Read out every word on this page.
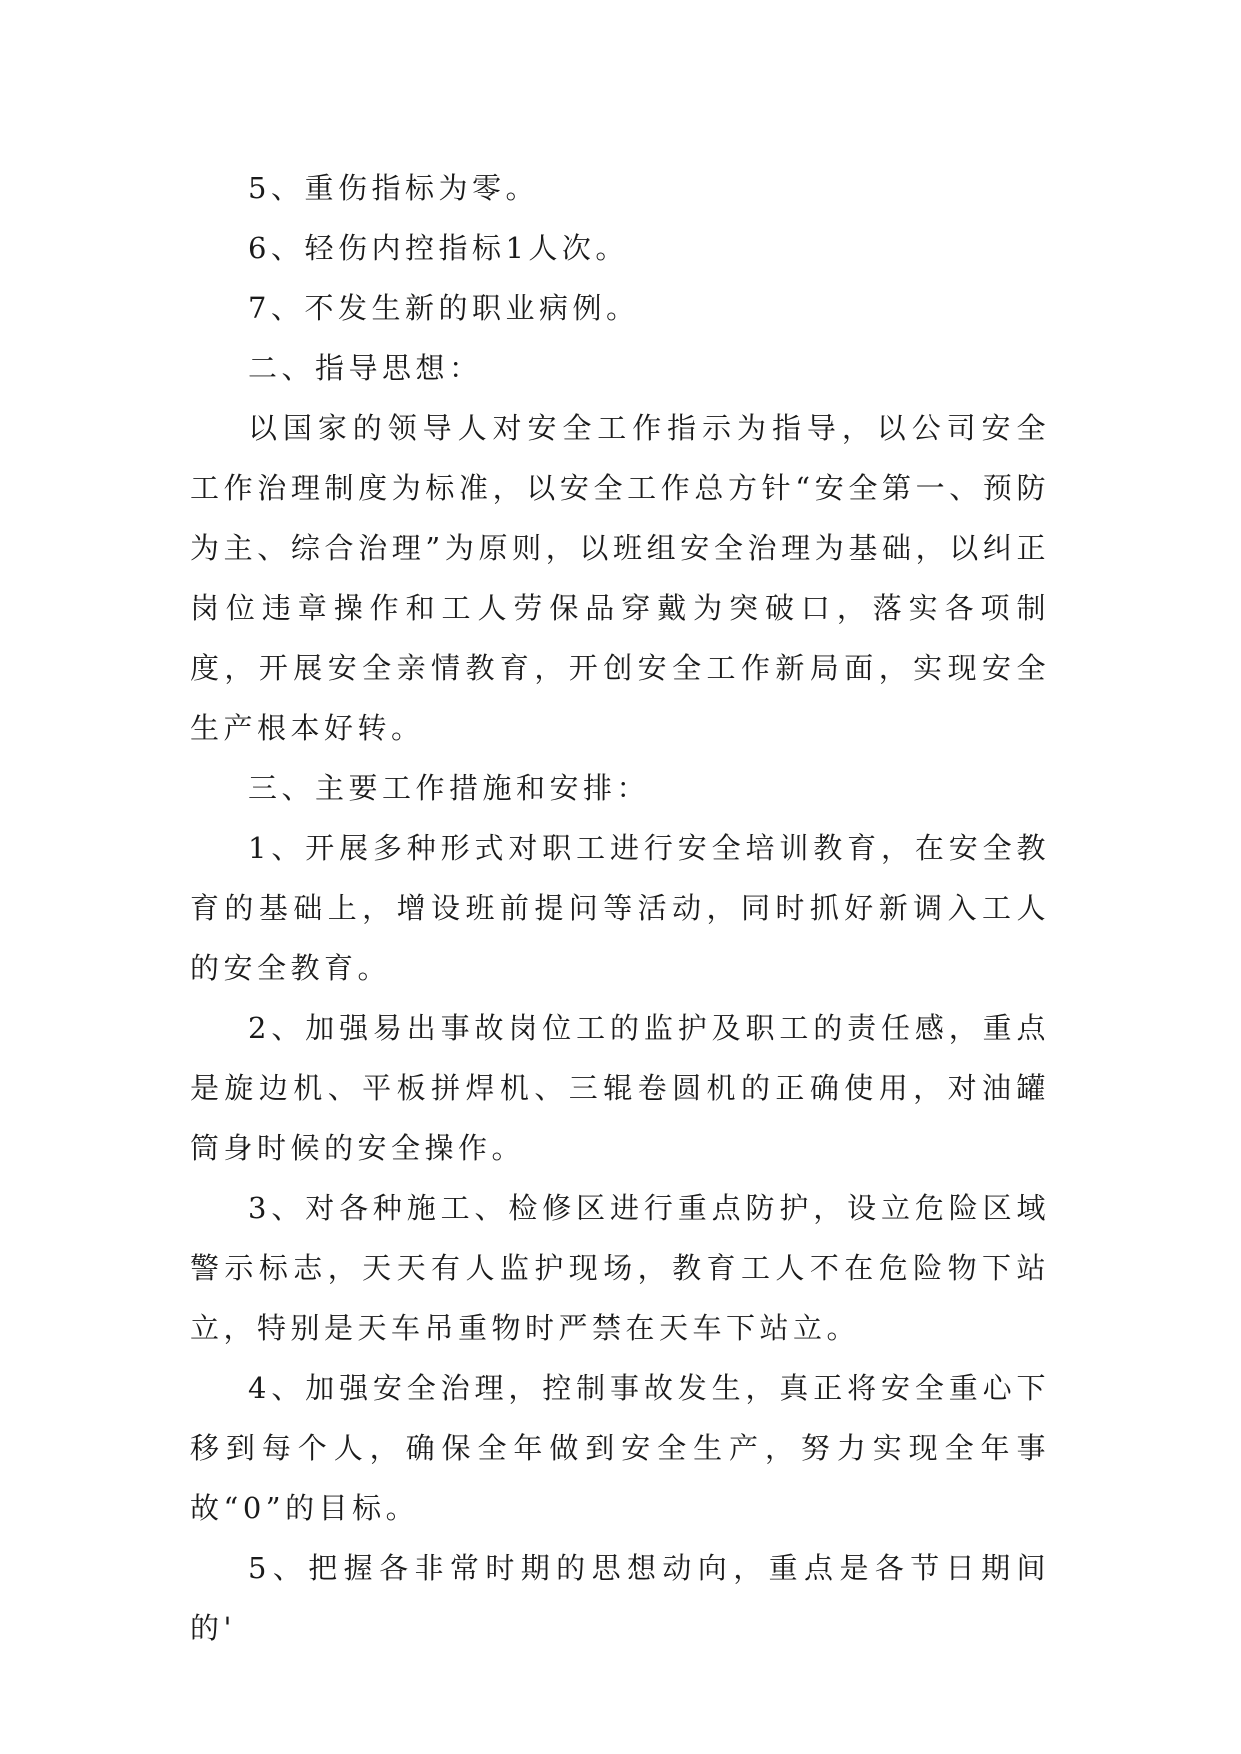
5、重伤指标为零。

6、轻伤内控指标1人次。

7、不发生新的职业病例。

二、指导思想：

以国家的领导人对安全工作指示为指导，以公司安全工作治理制度为标准，以安全工作总方针“安全第一、预防为主、综合治理”为原则，以班组安全治理为基础，以纠正岗位违章操作和工人劳保品穿戴为突破口，落实各项制度，开展安全亲情教育，开创安全工作新局面，实现安全生产根本好转。

三、主要工作措施和安排：

1、开展多种形式对职工进行安全培训教育，在安全教育的基础上，增设班前提问等活动，同时抓好新调入工人的安全教育。

2、加强易出事故岗位工的监护及职工的责任感，重点是旋边机、平板拼焊机、三辊卷圆机的正确使用，对油罐筒身时候的安全操作。

3、对各种施工、检修区进行重点防护，设立危险区域警示标志，天天有人监护现场，教育工人不在危险物下站立，特别是天车吊重物时严禁在天车下站立。

4、加强安全治理，控制事故发生，真正将安全重心下移到每个人，确保全年做到安全生产，努力实现全年事故“0”的目标。

5、把握各非常时期的思想动向，重点是各节日期间的'
